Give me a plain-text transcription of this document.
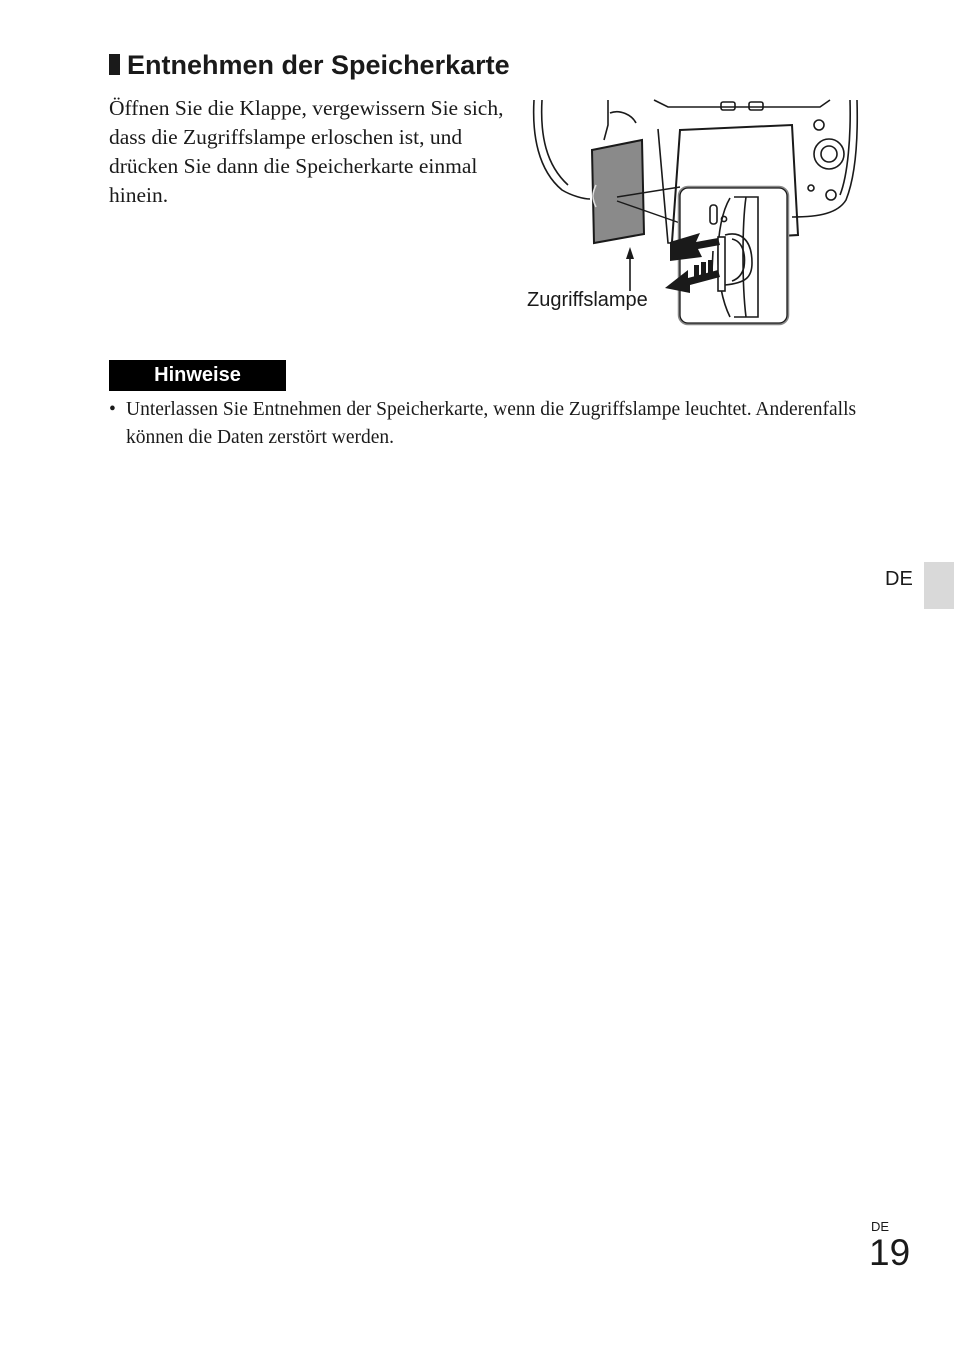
Entnehmen der Speicherkarte

Öffnen Sie die Klappe, vergewissern Sie sich, dass die Zugriffslampe erloschen ist, und drücken Sie dann die Speicherkarte einmal hinein.

Zugriffslampe
Hinweise
• Unterlassen Sie Entnehmen der Speicherkarte, wenn die Zugriffslampe leuchtet. Anderenfalls können die Daten zerstört werden.
DE
DE
19
